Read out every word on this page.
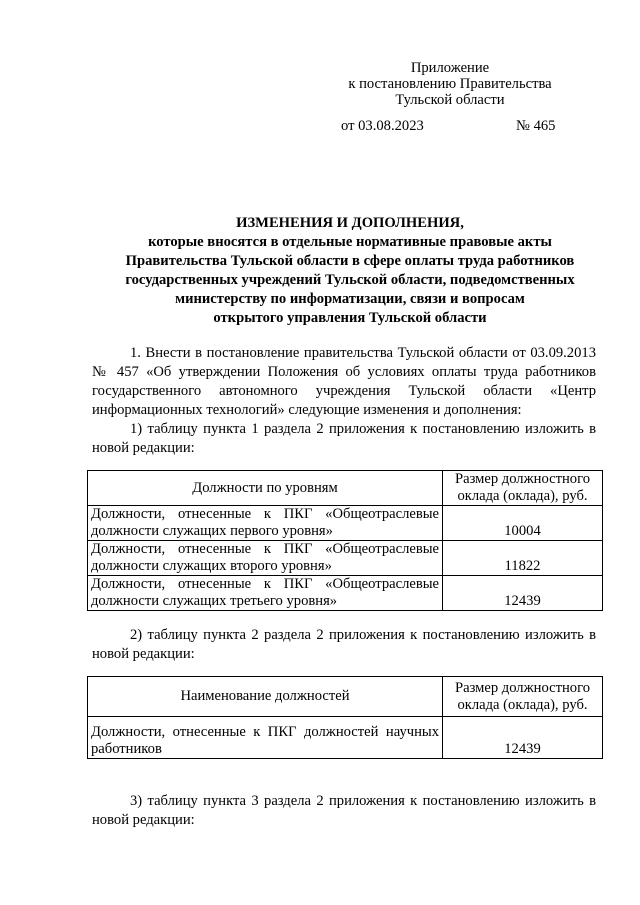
Приложение
к постановлению Правительства
Тульской области
от 03.08.2023	№ 465
ИЗМЕНЕНИЯ И ДОПОЛНЕНИЯ,
которые вносятся в отдельные нормативные правовые акты
Правительства Тульской области в сфере оплаты труда работников
государственных учреждений Тульской области, подведомственных
министерству по информатизации, связи и вопросам
открытого управления Тульской области
1. Внести в постановление правительства Тульской области от 03.09.2013 № 457 «Об утверждении Положения об условиях оплаты труда работников государственного автономного учреждения Тульской области «Центр информационных технологий» следующие изменения и дополнения:
1) таблицу пункта 1 раздела 2 приложения к постановлению изложить в новой редакции:
Должности по уровням	Размер должностного оклада (оклада), руб.
Должности, отнесенные к ПКГ «Общеотраслевые должности служащих первого уровня»	10004
Должности, отнесенные к ПКГ «Общеотраслевые должности служащих второго уровня»	11822
Должности, отнесенные к ПКГ «Общеотраслевые должности служащих третьего уровня»	12439
2) таблицу пункта 2 раздела 2 приложения к постановлению изложить в новой редакции:
Наименование должностей	Размер должностного оклада (оклада), руб.
Должности, отнесенные к ПКГ должностей научных работников	12439
3) таблицу пункта 3 раздела 2 приложения к постановлению изложить в новой редакции:
